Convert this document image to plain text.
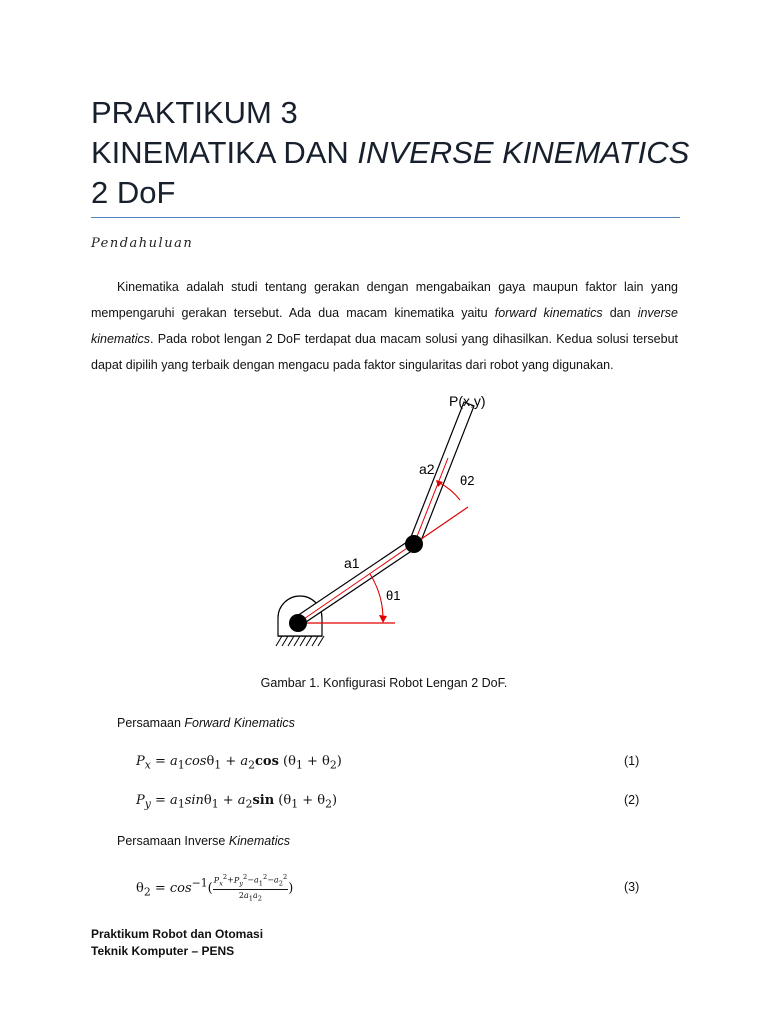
PRAKTIKUM 3
KINEMATIKA DAN INVERSE KINEMATICS
2 DoF
Pendahuluan
Kinematika adalah studi tentang gerakan dengan mengabaikan gaya maupun faktor lain yang mempengaruhi gerakan tersebut. Ada dua macam kinematika yaitu forward kinematics dan inverse kinematics. Pada robot lengan 2 DoF terdapat dua macam solusi yang dihasilkan. Kedua solusi tersebut dapat dipilih yang terbaik dengan mengacu pada faktor singularitas dari robot yang digunakan.
P(x,y)
a2
θ2
a1
θ1
Gambar 1. Konfigurasi Robot Lengan 2 DoF.
Persamaan Forward Kinematics
$P_x = a_1\cos\theta_1 + a_2\cos$ $(\theta_1 + \theta_2)$	(1)
$P_y = a_1\sin\theta_1 + a_2\sin$ $(\theta_1 + \theta_2)$	(2)
Persamaan Inverse Kinematics
$\theta_2 = \cos^{-1}( \frac{P_x^2+P_y^2-a_1^2-a_2^2}{2a_1a_2}$ )	(3)
Praktikum Robot dan Otomasi
Teknik Komputer – PENS
